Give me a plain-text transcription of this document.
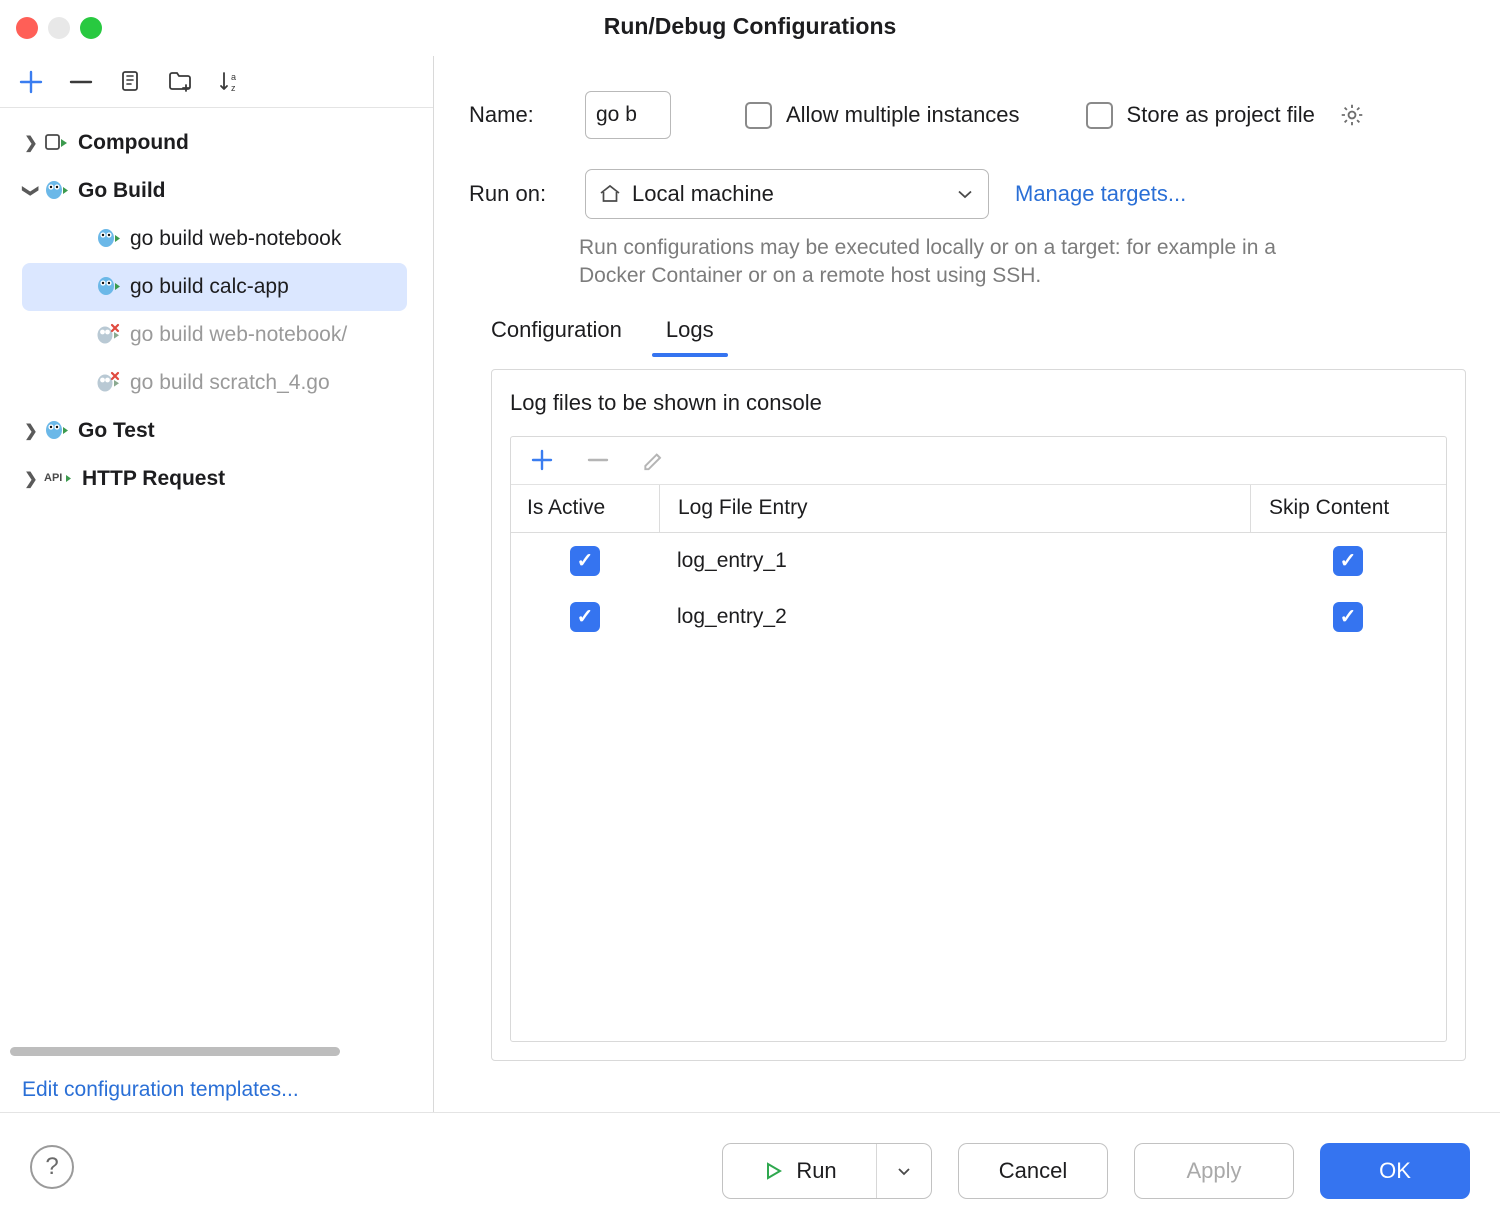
Run/Debug Configurations
a
z
❯ Compound
❯ Go Build
go build web-notebook
go build calc-app
go build web-notebook/
go build scratch_4.go
❯ Go Test
❯ API HTTP Request
Edit configuration templates...
Name:
go b	Allow multiple instances	Store as project file
Run on:	Local machine	Manage targets...
Run configurations may be executed locally or on a target: for example in a Docker Container or on a remote host using SSH.
Configuration Logs
Log files to be shown in console
Is Active	Log File Entry	Skip Content
✓	log_entry_1	✓
✓	log_entry_2	✓
?	Run	Cancel	Apply	OK
